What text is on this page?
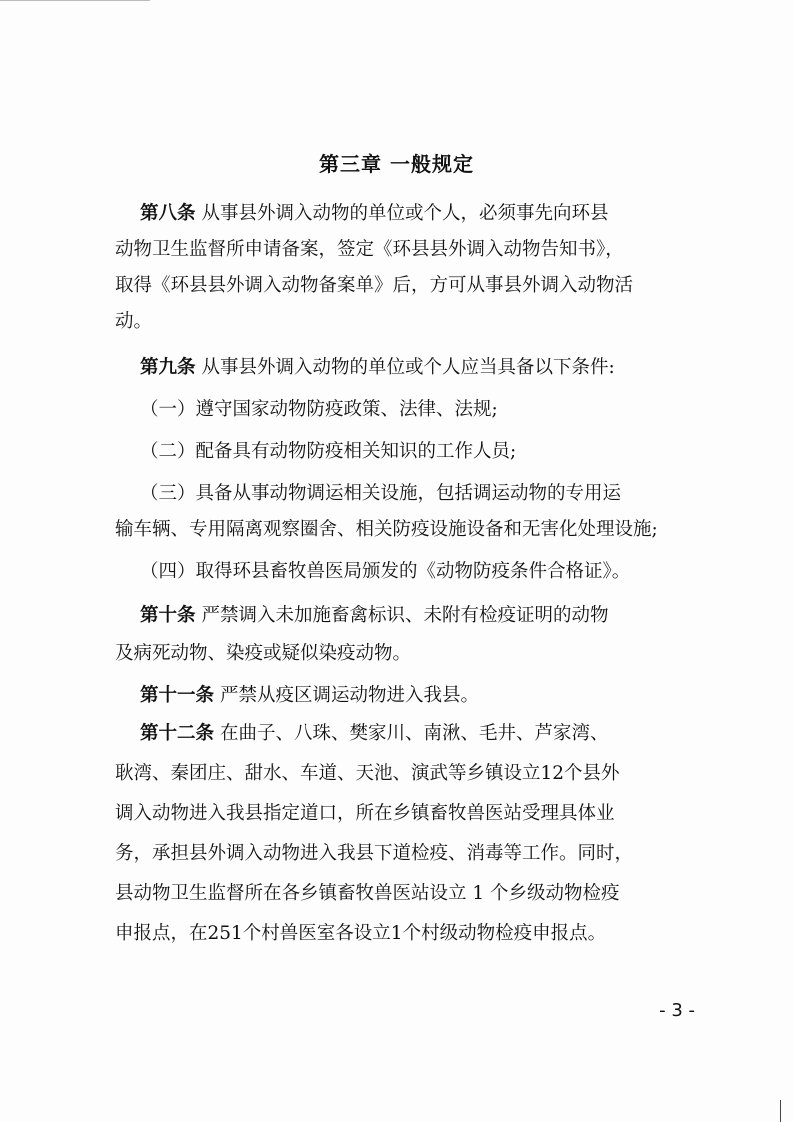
第三章 一般规定
第八条 从事县外调入动物的单位或个人，必须事先向环县
动物卫生监督所申请备案，签定《环县县外调入动物告知书》，
取得《环县县外调入动物备案单》后，方可从事县外调入动物活
动。
第九条 从事县外调入动物的单位或个人应当具备以下条件:
（一）遵守国家动物防疫政策、法律、法规;
（二）配备具有动物防疫相关知识的工作人员;
（三）具备从事动物调运相关设施，包括调运动物的专用运
输车辆、专用隔离观察圈舍、相关防疫设施设备和无害化处理设施;
（四）取得环县畜牧兽医局颁发的《动物防疫条件合格证》。
第十条 严禁调入未加施畜禽标识、未附有检疫证明的动物
及病死动物、染疫或疑似染疫动物。
第十一条 严禁从疫区调运动物进入我县。
第十二条 在曲子、八珠、樊家川、南湫、毛井、芦家湾、
耿湾、秦团庄、甜水、车道、天池、演武等乡镇设立12个县外
调入动物进入我县指定道口，所在乡镇畜牧兽医站受理具体业
务，承担县外调入动物进入我县下道检疫、消毒等工作。同时，
县动物卫生监督所在各乡镇畜牧兽医站设立 1 个乡级动物检疫
申报点，在251个村兽医室各设立1个村级动物检疫申报点。
- 3 -
